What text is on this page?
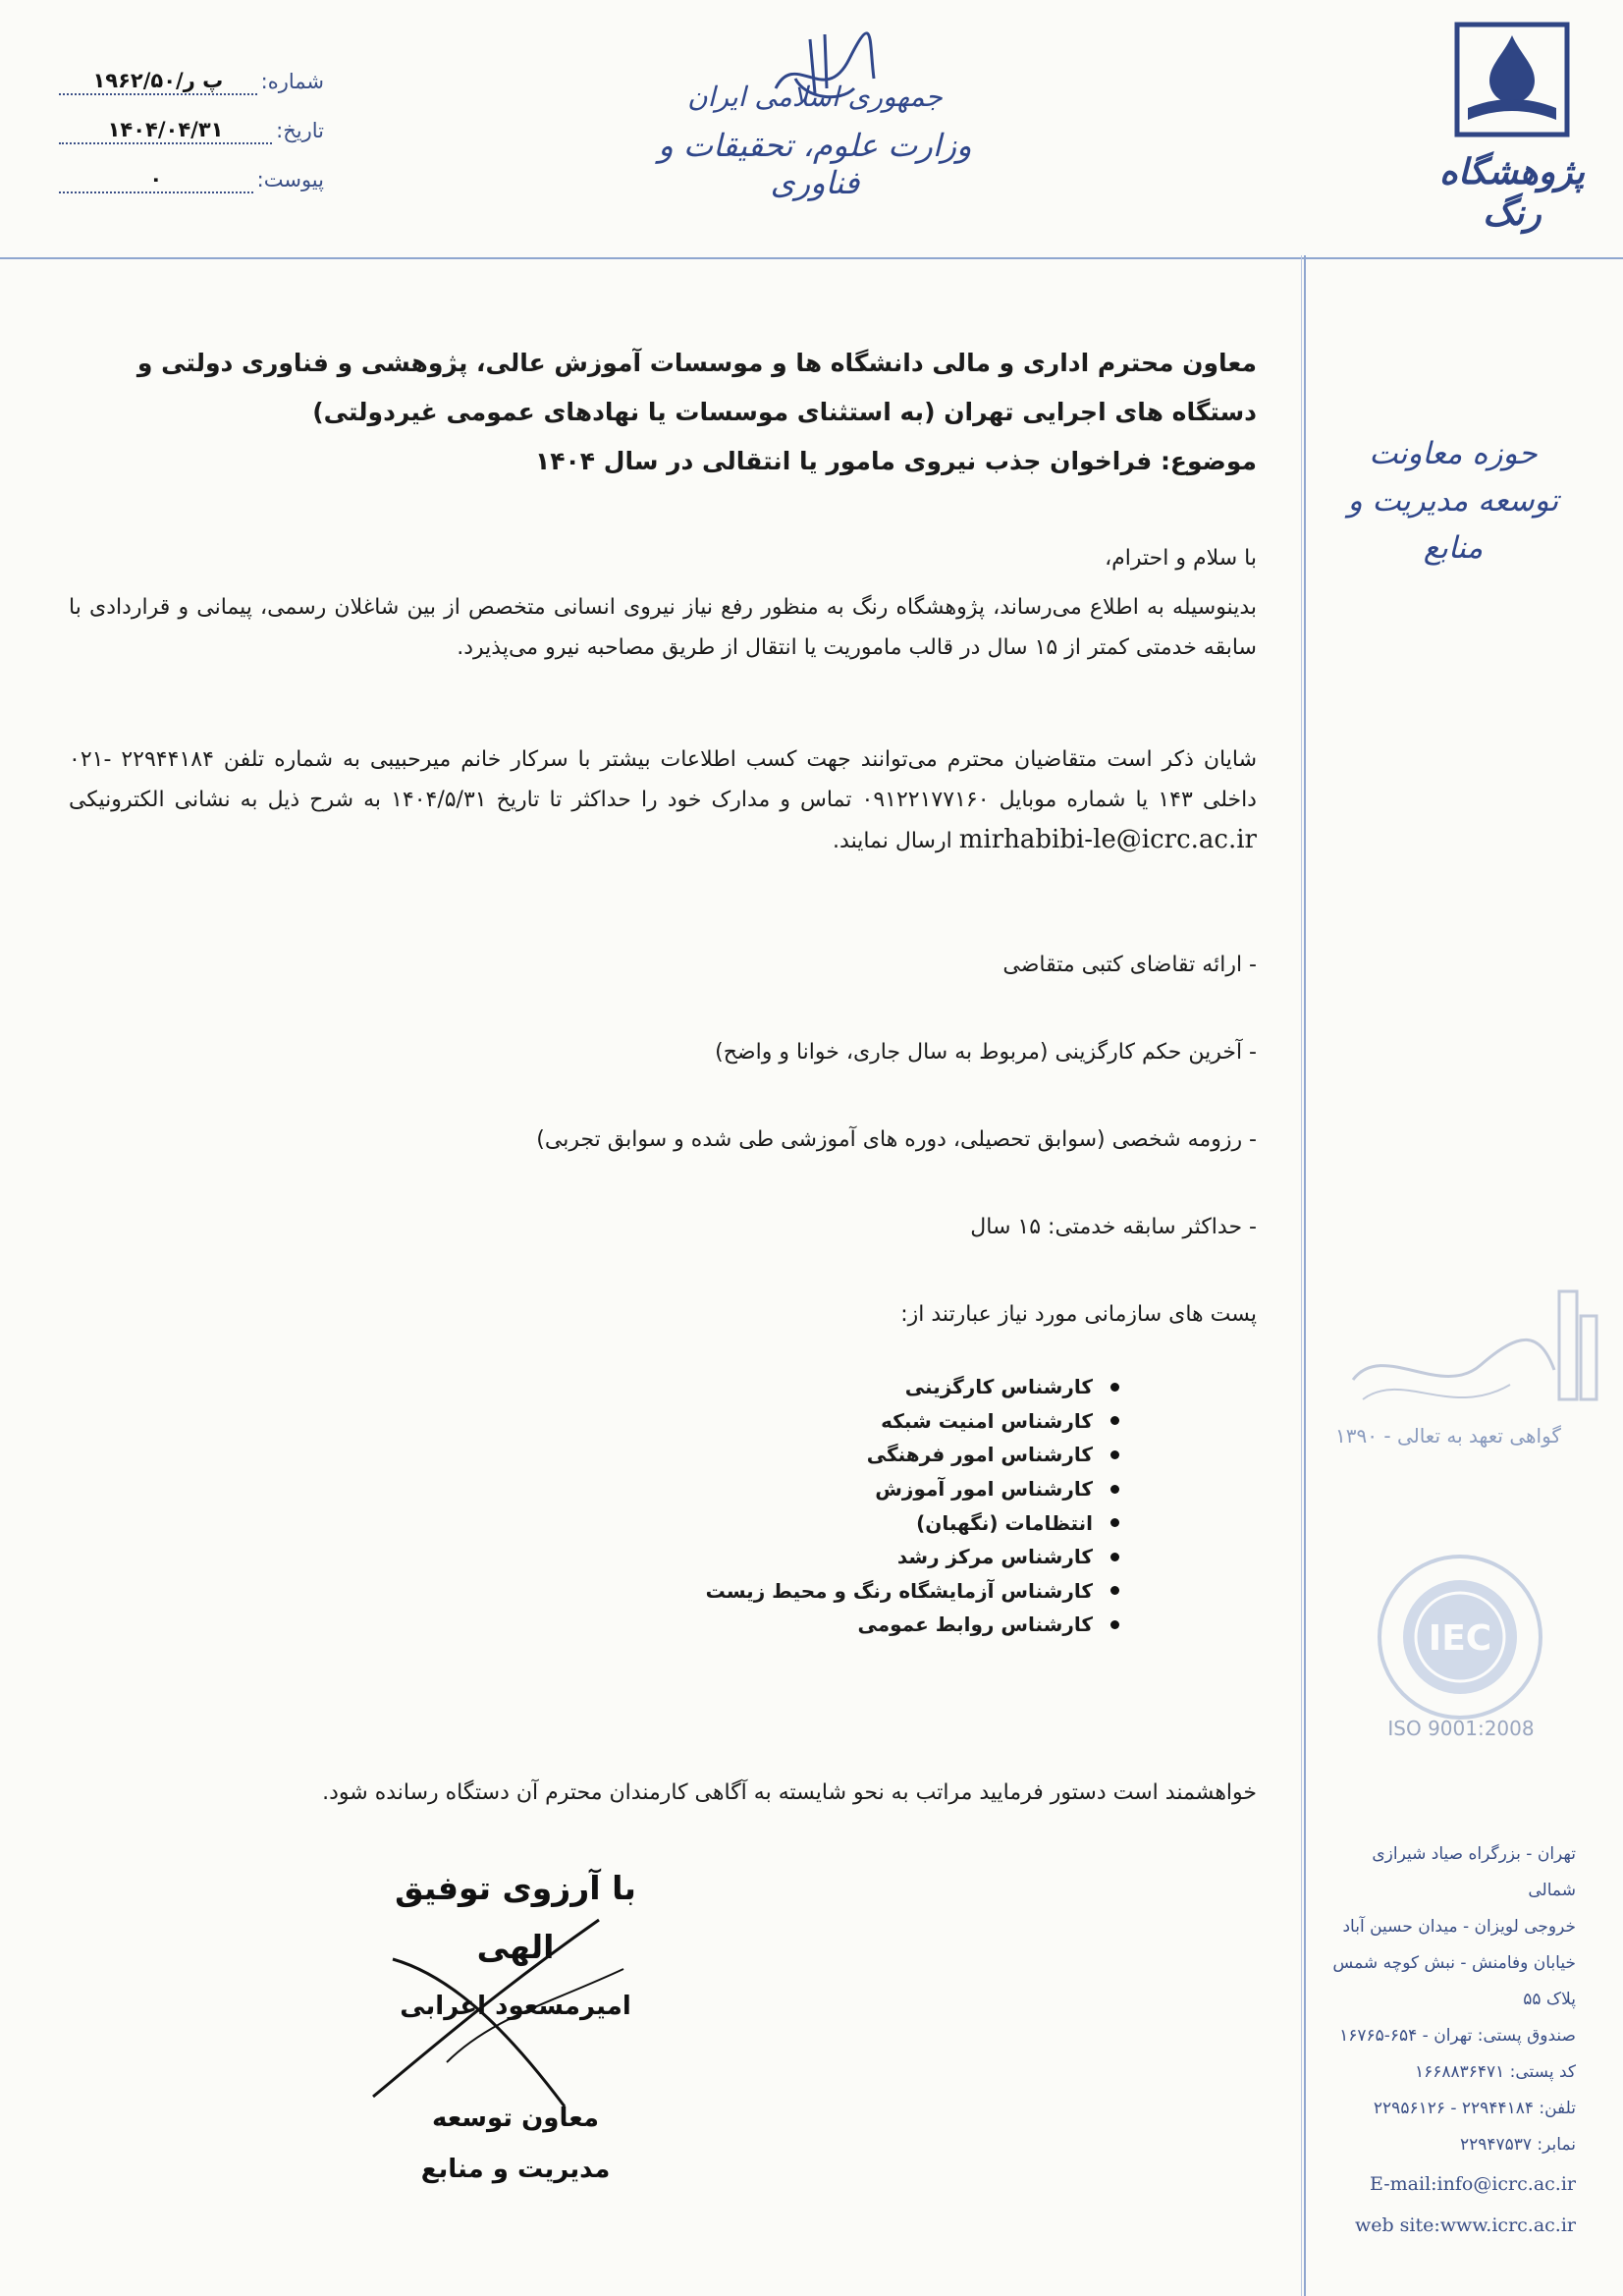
شماره:
۱۹۶۲/۵۰/پ ر
تاریخ:
۱۴۰۴/۰۴/۳۱
پیوست:
۰
جمهوری اسلامی ایران
وزارت علوم، تحقیقات و فناوری	پژوهشگاه رنگ
حوزه معاونت
توسعه مدیریت و منابع
گواهی تعهد به تعالی - ۱۳۹۰
IEC
ISO 9001:2008
تهران - بزرگراه صیاد شیرازی شمالی
خروجی لویزان - میدان حسین آباد
خیابان وفامنش - نبش کوچه شمس
پلاک ۵۵
صندوق پستی: تهران - ۶۵۴-۱۶۷۶۵
کد پستی: ۱۶۶۸۸۳۶۴۷۱
تلفن: ۲۲۹۴۴۱۸۴ - ۲۲۹۵۶۱۲۶
نمابر: ۲۲۹۴۷۵۳۷
E-mail:info@icrc.ac.ir
web site:www.icrc.ac.ir
معاون محترم اداری و مالی دانشگاه ها و موسسات آموزش عالی، پژوهشی و فناوری دولتی و
دستگاه های اجرایی تهران (به استثنای موسسات یا نهادهای عمومی غیردولتی)
موضوع: فراخوان جذب نیروی مامور یا انتقالی در سال ۱۴۰۴
با سلام و احترام،
بدینوسیله به اطلاع می‌رساند، پژوهشگاه رنگ به منظور رفع نیاز نیروی انسانی متخصص از بین شاغلان رسمی، پیمانی و قراردادی با سابقه خدمتی کمتر از ۱۵ سال در قالب ماموریت یا انتقال از طریق مصاحبه نیرو می‌پذیرد.
شایان ذکر است متقاضیان محترم می‌توانند جهت کسب اطلاعات بیشتر با سرکار خانم میرحبیبی به شماره تلفن ۲۲۹۴۴۱۸۴ -۰۲۱ داخلی ۱۴۳ یا شماره موبایل ۰۹۱۲۲۱۷۷۱۶۰ تماس و مدارک خود را حداکثر تا تاریخ ۱۴۰۴/۵/۳۱ به شرح ذیل به نشانی الکترونیکی mirhabibi-le@icrc.ac.ir ارسال نمایند.
- ارائه تقاضای کتبی متقاضی
- آخرین حکم کارگزینی (مربوط به سال جاری، خوانا و واضح)
- رزومه شخصی (سوابق تحصیلی، دوره های آموزشی طی شده و سوابق تجربی)
- حداکثر سابقه خدمتی: ۱۵ سال
پست های سازمانی مورد نیاز عبارتند از:
کارشناس کارگزینی
کارشناس امنیت شبکه
کارشناس امور فرهنگی
کارشناس امور آموزش
انتظامات (نگهبان)
کارشناس مرکز رشد
کارشناس آزمایشگاه رنگ و محیط زیست
کارشناس روابط عمومی
خواهشمند است دستور فرمایید مراتب به نحو شایسته به آگاهی کارمندان محترم آن دستگاه رسانده شود.
با آرزوی توفیق الهی
امیرمسعود اعرابی
معاون توسعه
مدیریت و منابع
